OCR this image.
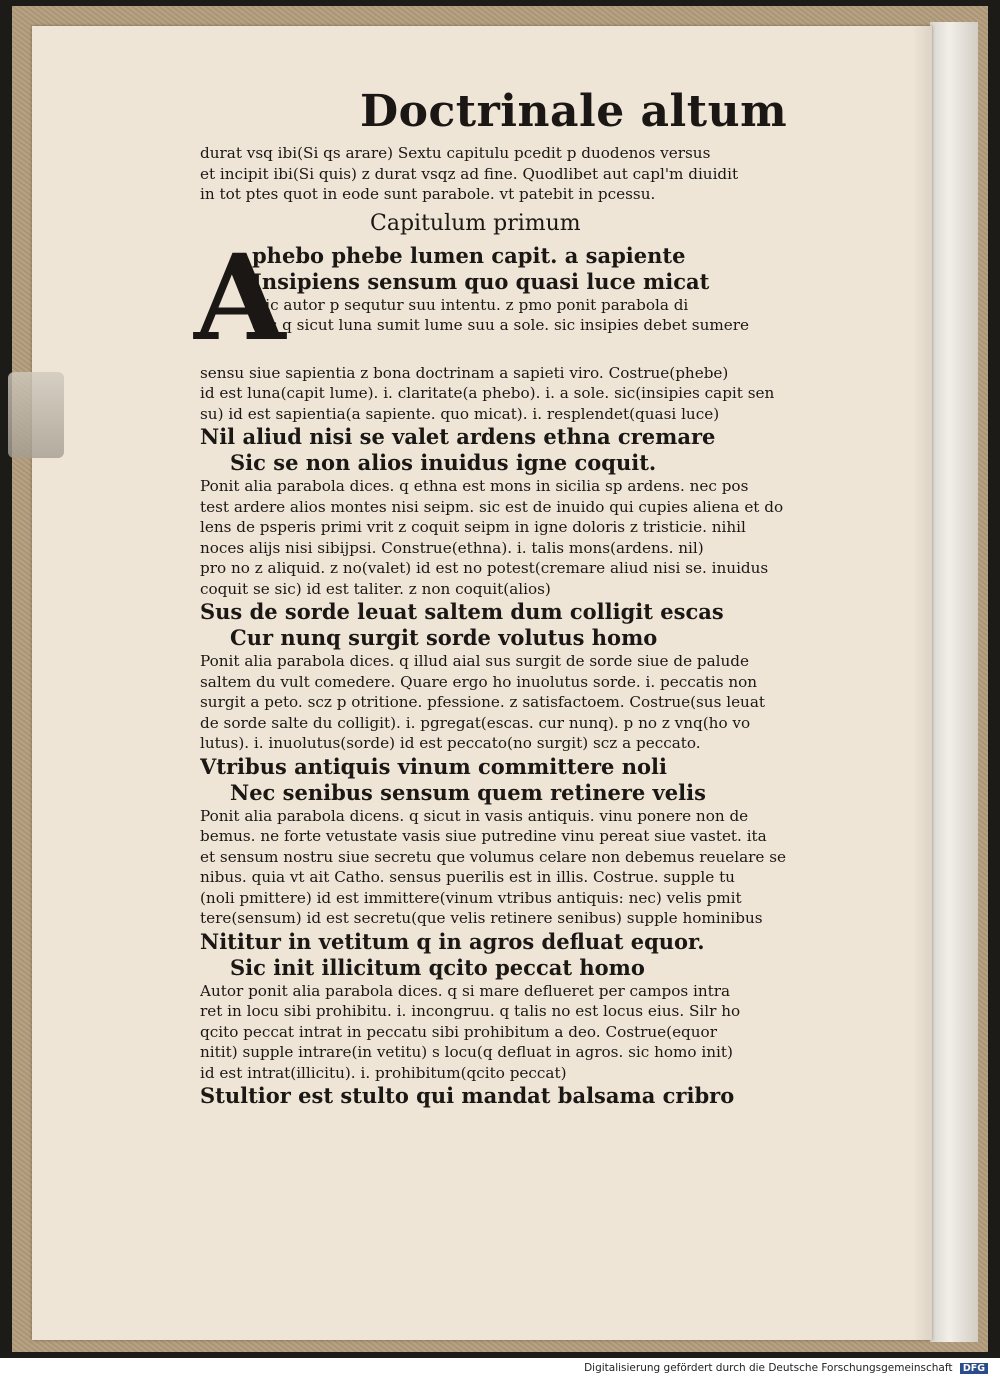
Doctrinale altum
durat vsq ibi(Si qs arare) Sextu capitulu pcedit p duodenos versus
et incipit ibi(Si quis) z durat vsqz ad fine. Quodlibet aut capl'm diuidit
in tot ptes quot in eode sunt parabole. vt patebit in pcessu.
Capitulum primum
A
phebo phebe lumen capit. a sapiente
Insipiens sensum quo quasi luce micat
Hic autor p sequtur suu intentu. z pmo ponit parabola di
ces q sicut luna sumit lume suu a sole. sic insipies debet sumere
sensu siue sapientia z bona doctrinam a sapieti viro. Costrue(phebe)
id est luna(capit lume). i. claritate(a phebo). i. a sole. sic(insipies capit sen
su) id est sapientia(a sapiente. quo micat). i. resplendet(quasi luce)
Nil aliud nisi se valet ardens ethna cremare
Sic se non alios inuidus igne coquit.
Ponit alia parabola dices. q ethna est mons in sicilia sp ardens. nec pos
test ardere alios montes nisi seipm. sic est de inuido qui cupies aliena et do
lens de psperis primi vrit z coquit seipm in igne doloris z tristicie. nihil
noces alijs nisi sibijpsi. Construe(ethna). i. talis mons(ardens. nil)
pro no z aliquid. z no(valet) id est no potest(cremare aliud nisi se. inuidus
coquit se sic) id est taliter. z non coquit(alios)
Sus de sorde leuat saltem dum colligit escas
Cur nunq surgit sorde volutus homo
Ponit alia parabola dices. q illud aial sus surgit de sorde siue de palude
saltem du vult comedere. Quare ergo ho inuolutus sorde. i. peccatis non
surgit a peto. scz p otritione. pfessione. z satisfactoem. Costrue(sus leuat
de sorde salte du colligit). i. pgregat(escas. cur nunq). p no z vnq(ho vo
lutus). i. inuolutus(sorde) id est peccato(no surgit) scz a peccato.
Vtribus antiquis vinum committere noli
Nec senibus sensum quem retinere velis
Ponit alia parabola dicens. q sicut in vasis antiquis. vinu ponere non de
bemus. ne forte vetustate vasis siue putredine vinu pereat siue vastet. ita
et sensum nostru siue secretu que volumus celare non debemus reuelare se
nibus. quia vt ait Catho. sensus puerilis est in illis. Costrue. supple tu
(noli pmittere) id est immittere(vinum vtribus antiquis: nec) velis pmit
tere(sensum) id est secretu(que velis retinere senibus) supple hominibus
Nititur in vetitum q in agros defluat equor.
Sic init illicitum qcito peccat homo
Autor ponit alia parabola dices. q si mare deflueret per campos intra
ret in locu sibi prohibitu. i. incongruu. q talis no est locus eius. Silr ho
qcito peccat intrat in peccatu sibi prohibitum a deo. Costrue(equor
nitit) supple intrare(in vetitu) s locu(q defluat in agros. sic homo init)
id est intrat(illicitu). i. prohibitum(qcito peccat)
Stultior est stulto qui mandat balsama cribro
Digitalisierung gefördert durch die Deutsche Forschungsgemeinschaft DFG
